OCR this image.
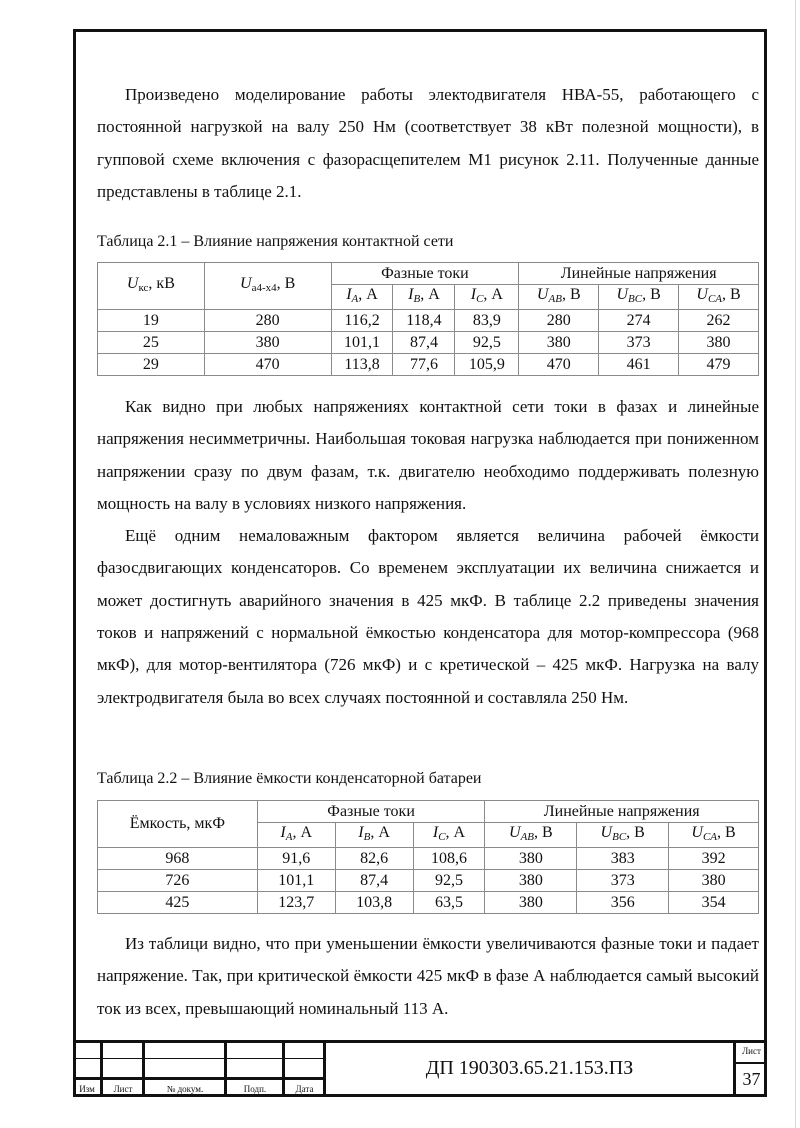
Произведено моделирование работы электодвигателя НВА-55, работающего с постоянной нагрузкой на валу 250 Нм (соответствует 38 кВт полезной мощности), в гупповой схеме включения с фазорасщепителем М1 рисунок 2.11. Полученные данные представлены в таблице 2.1.

Таблица 2.1 – Влияние напряжения контактной сети

$U_{кс}$, кВ	$U_{а4-х4}$, В	Фазные токи			Линейные напряжения		
		$I_A$, А	$I_B$, А	$I_C$, А	$U_{AB}$, В	$U_{BC}$, В	$U_{CA}$, В
19	280	116,2	118,4	83,9	280	274	262
25	380	101,1	87,4	92,5	380	373	380
29	470	113,8	77,6	105,9	470	461	479

Как видно при любых напряжениях контактной сети токи в фазах и линейные напряжения несимметричны. Наибольшая токовая нагрузка наблюдается при пониженном напряжении сразу по двум фазам, т.к. двигателю необходимо поддерживать полезную мощность на валу в условиях низкого напряжения.

Ещё одним немаловажным фактором является величина рабочей ёмкости фазосдвигающих конденсаторов. Со временем эксплуатации их величина снижается и может достигнуть аварийного значения в 425 мкФ. В таблице 2.2 приведены значения токов и напряжений с нормальной ёмкостью конденсатора для мотор-компрессора (968 мкФ), для мотор-вентилятора (726 мкФ) и с кретической – 425 мкФ. Нагрузка на валу электродвигателя была во всех случаях постоянной и составляла 250 Нм.

Таблица 2.2 – Влияние ёмкости конденсаторной батареи

Ёмкость, мкФ	Фазные токи			Линейные напряжения		
	$I_A$, А	$I_B$, А	$I_C$, А	$U_{AB}$, В	$U_{BC}$, В	$U_{CA}$, В
968	91,6	82,6	108,6	380	383	392
726	101,1	87,4	92,5	380	373	380
425	123,7	103,8	63,5	380	356	354

Из таблици видно, что при уменьшении ёмкости увеличиваются фазные токи и падает напряжение. Так, при критической ёмкости 425 мкФ в фазе А наблюдается самый высокий ток из всех, превышающий номинальный 113 А.

Изм	Лист	№ докум.	Подп.	Дата
ДП 190303.65.21.153.ПЗ
Лист
37
